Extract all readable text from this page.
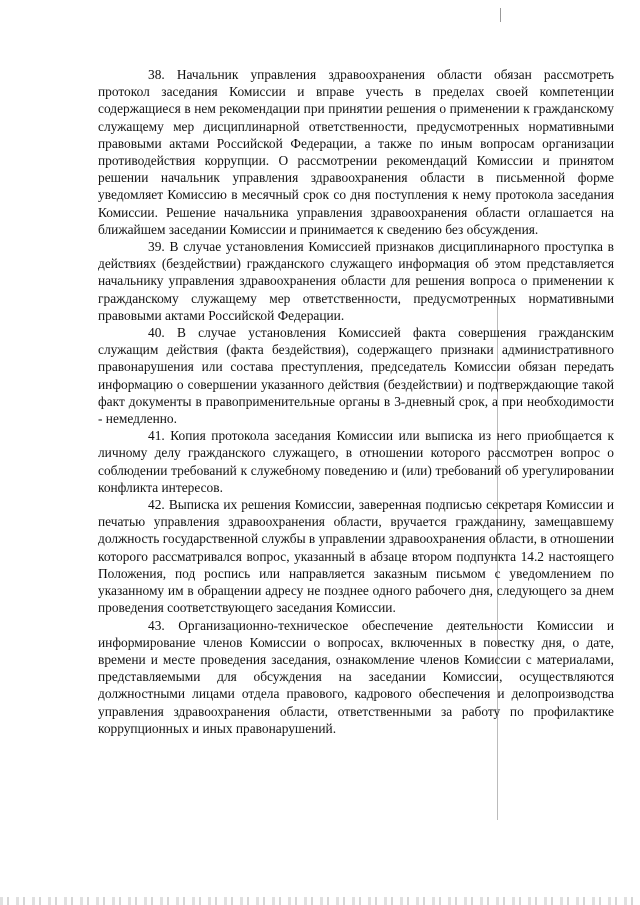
38. Начальник управления здравоохранения области обязан рассмотреть протокол заседания Комиссии и вправе учесть в пределах своей компетенции содержащиеся в нем рекомендации при принятии решения о применении к гражданскому служащему мер дисциплинарной ответственности, предусмотренных нормативными правовыми актами Российской Федерации, а также по иным вопросам организации противодействия коррупции. О рассмотрении рекомендаций Комиссии и принятом решении начальник управления здравоохранения области в письменной форме уведомляет Комиссию в месячный срок со дня поступления к нему протокола заседания Комиссии. Решение начальника управления здравоохранения области оглашается на ближайшем заседании Комиссии и принимается к сведению без обсуждения.

39. В случае установления Комиссией признаков дисциплинарного проступка в действиях (бездействии) гражданского служащего информация об этом представляется начальнику управления здравоохранения области для решения вопроса о применении к гражданскому служащему мер ответственности, предусмотренных нормативными правовыми актами Российской Федерации.

40. В случае установления Комиссией факта совершения гражданским служащим действия (факта бездействия), содержащего признаки административного правонарушения или состава преступления, председатель Комиссии обязан передать информацию о совершении указанного действия (бездействии) и подтверждающие такой факт документы в правоприменительные органы в 3-дневный срок, а при необходимости - немедленно.

41. Копия протокола заседания Комиссии или выписка из него приобщается к личному делу гражданского служащего, в отношении которого рассмотрен вопрос о соблюдении требований к служебному поведению и (или) требований об урегулировании конфликта интересов.

42. Выписка их решения Комиссии, заверенная подписью секретаря Комиссии и печатью управления здравоохранения области, вручается гражданину, замещавшему должность государственной службы в управлении здравоохранения области, в отношении которого рассматривался вопрос, указанный в абзаце втором подпункта 14.2 настоящего Положения, под роспись или направляется заказным письмом с уведомлением по указанному им в обращении адресу не позднее одного рабочего дня, следующего за днем проведения соответствующего заседания Комиссии.

43. Организационно-техническое обеспечение деятельности Комиссии и информирование членов Комиссии о вопросах, включенных в повестку дня, о дате, времени и месте проведения заседания, ознакомление членов Комиссии с материалами, представляемыми для обсуждения на заседании Комиссии, осуществляются должностными лицами отдела правового, кадрового обеспечения и делопроизводства управления здравоохранения области, ответственными за работу по профилактике коррупционных и иных правонарушений.
